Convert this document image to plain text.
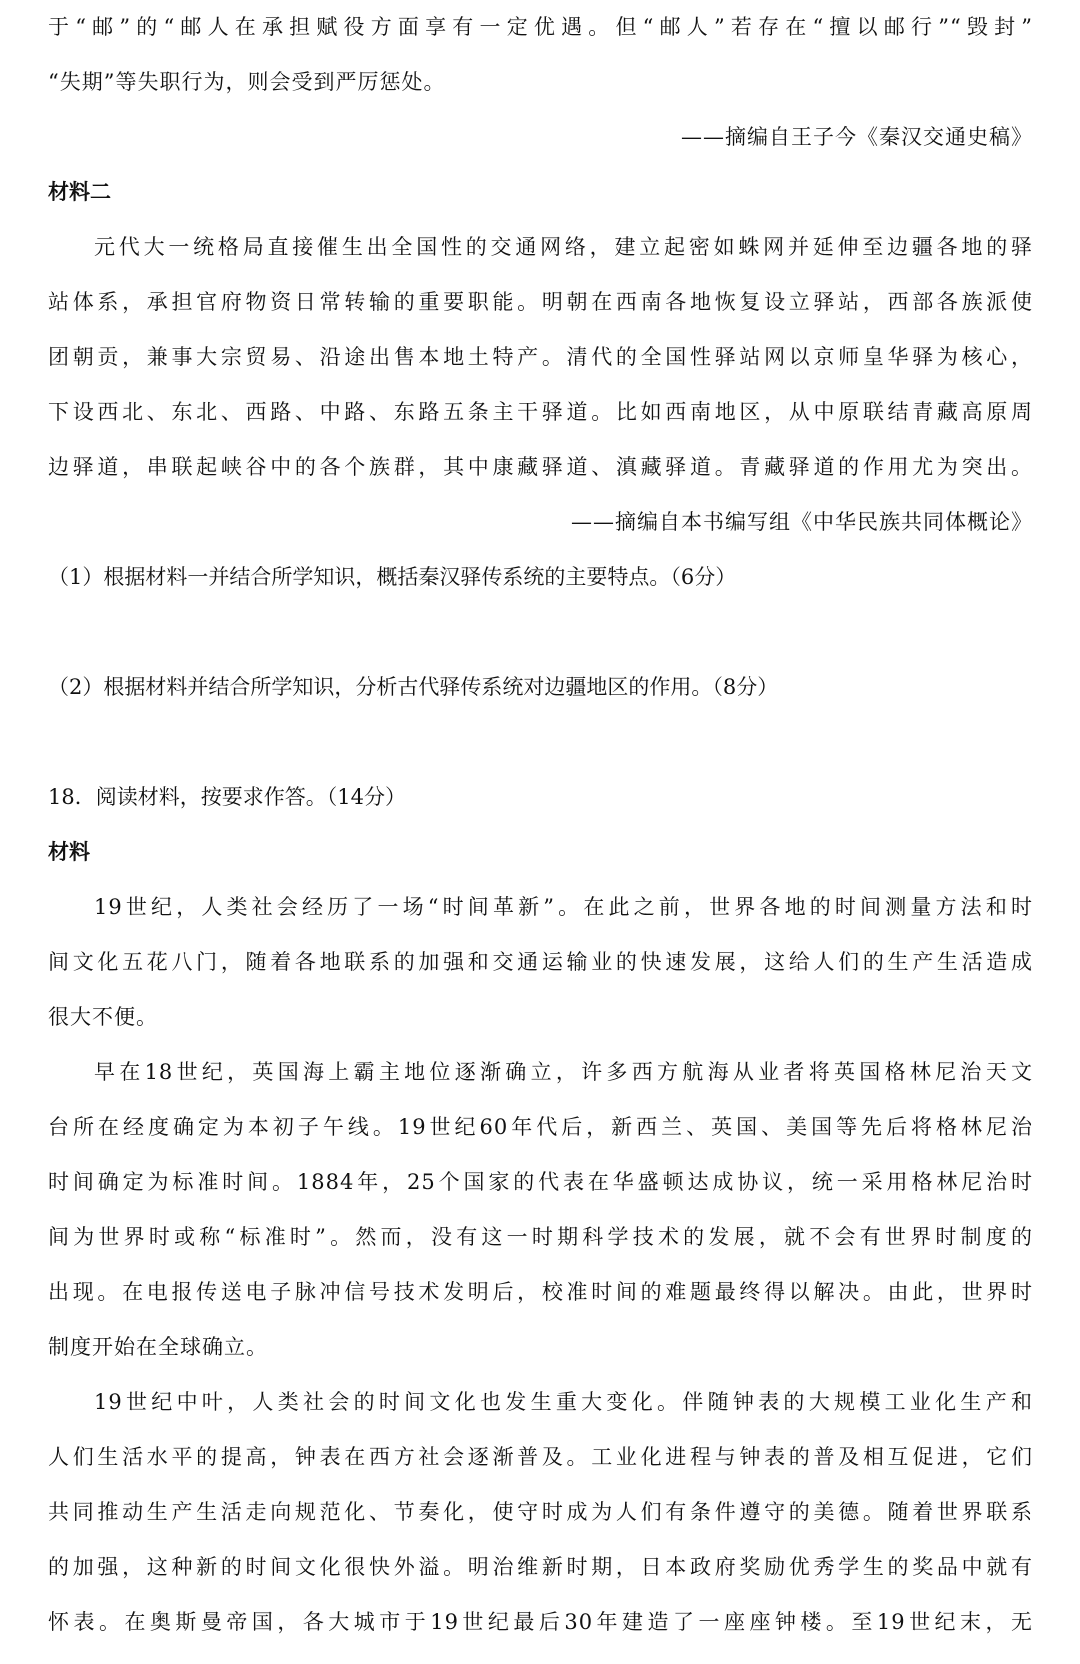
于“邮”的“邮人在承担赋役方面享有一定优遇。但“邮人”若存在“擅以邮行”“毁封”
“失期”等失职行为，则会受到严厉惩处。
——摘编自王子今《秦汉交通史稿》
材料二
元代大一统格局直接催生出全国性的交通网络，建立起密如蛛网并延伸至边疆各地的驿
站体系，承担官府物资日常转输的重要职能。明朝在西南各地恢复设立驿站，西部各族派使
团朝贡，兼事大宗贸易、沿途出售本地土特产。清代的全国性驿站网以京师皇华驿为核心，
下设西北、东北、西路、中路、东路五条主干驿道。比如西南地区，从中原联结青藏高原周
边驿道，串联起峡谷中的各个族群，其中康藏驿道、滇藏驿道。青藏驿道的作用尤为突出。
——摘编自本书编写组《中华民族共同体概论》
（1）根据材料一并结合所学知识，概括秦汉驿传系统的主要特点。（6分）
（2）根据材料并结合所学知识，分析古代驿传系统对边疆地区的作用。（8分）
18．阅读材料，按要求作答。（14分）
材料
19世纪，人类社会经历了一场“时间革新”。在此之前，世界各地的时间测量方法和时
间文化五花八门，随着各地联系的加强和交通运输业的快速发展，这给人们的生产生活造成
很大不便。
早在18世纪，英国海上霸主地位逐渐确立，许多西方航海从业者将英国格林尼治天文
台所在经度确定为本初子午线。19世纪60年代后，新西兰、英国、美国等先后将格林尼治
时间确定为标准时间。1884年，25个国家的代表在华盛顿达成协议，统一采用格林尼治时
间为世界时或称“标准时”。然而，没有这一时期科学技术的发展，就不会有世界时制度的
出现。在电报传送电子脉冲信号技术发明后，校准时间的难题最终得以解决。由此，世界时
制度开始在全球确立。
19世纪中叶，人类社会的时间文化也发生重大变化。伴随钟表的大规模工业化生产和
人们生活水平的提高，钟表在西方社会逐渐普及。工业化进程与钟表的普及相互促进，它们
共同推动生产生活走向规范化、节奏化，使守时成为人们有条件遵守的美德。随着世界联系
的加强，这种新的时间文化很快外溢。明治维新时期，日本政府奖励优秀学生的奖品中就有
怀表。在奥斯曼帝国，各大城市于19世纪最后30年建造了一座座钟楼。至19世纪末，无
